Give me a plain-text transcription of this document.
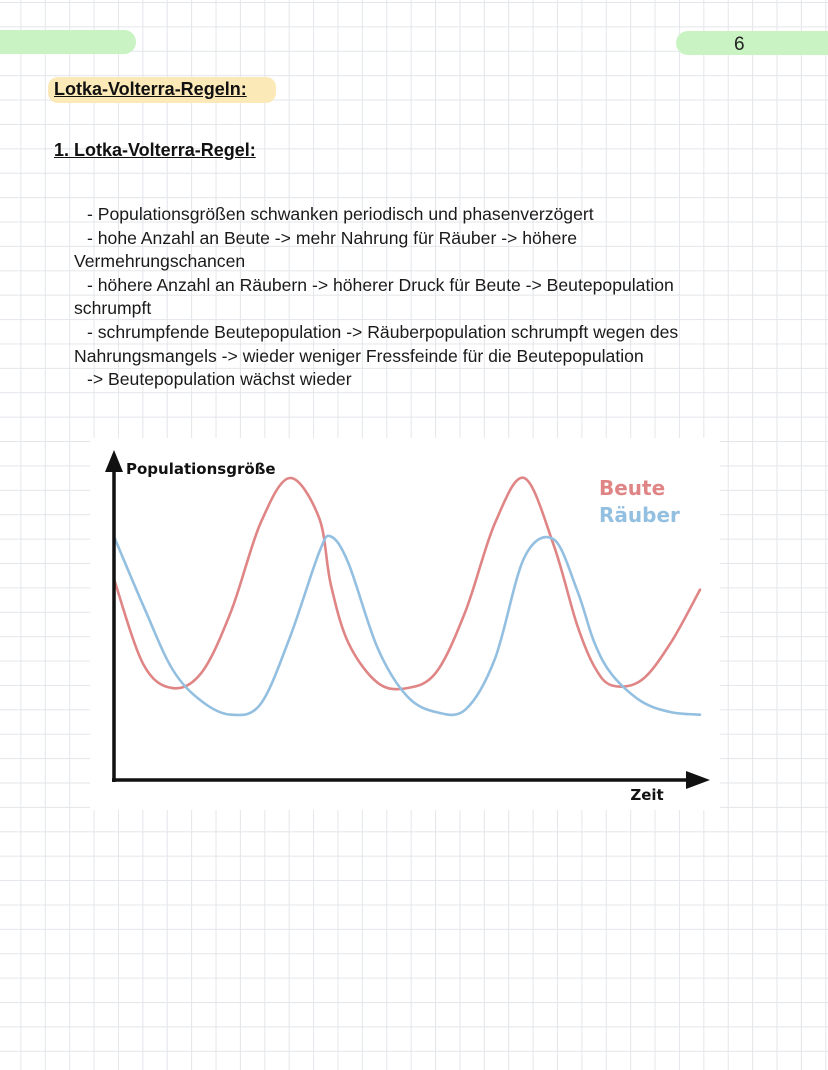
6
Lotka-Volterra-Regeln:
1. Lotka-Volterra-Regel:
- Populationsgrößen schwanken periodisch und phasenverzögert
- hohe Anzahl an Beute -> mehr Nahrung für Räuber -> höhere
Vermehrungschancen
- höhere Anzahl an Räubern -> höherer Druck für Beute -> Beutepopulation
schrumpft
- schrumpfende Beutepopulation -> Räuberpopulation schrumpft wegen des
Nahrungsmangels -> wieder weniger Fressfeinde für die Beutepopulation
-> Beutepopulation wächst wieder
Populationsgröße
Zeit
Beute
Räuber
